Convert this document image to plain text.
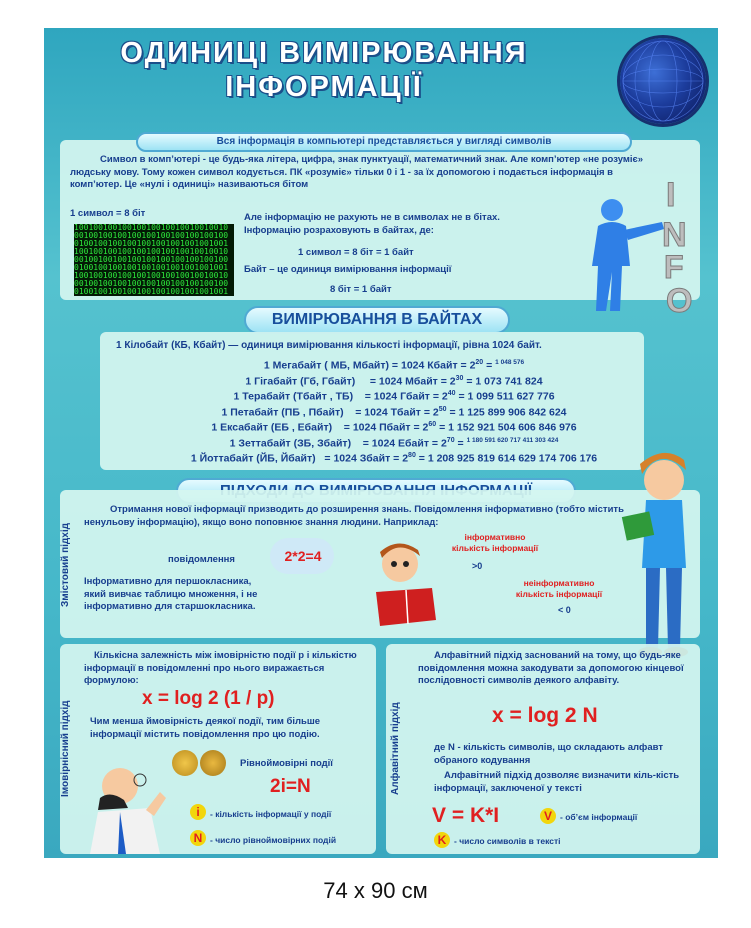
ОДИНИЦІ ВИМІРЮВАННЯ
ІНФОРМАЦІЇ
Вся інформація в компьютері представляється у вигляді символів
Символ в комп’ютері - це будь-яка літера, цифра, знак пунктуації, математичний знак. Але комп’ютер «не розуміє» людську мову. Тому кожен символ кодується. ПК «розуміє» тільки 0 і 1 - за їх допомогою і подається інформація в комп’ютер. Це «нулі і одиниці» називаються бітом
1 символ = 8 біт
10010010010010010010010010010010
00100100100100100100100100100100
01001001001001001001001001001001
10010010010010010010010010010010
00100100100100100100100100100100
01001001001001001001001001001001
10010010010010010010010010010010
00100100100100100100100100100100
01001001001001001001001001001001

Але інформацію не рахують не в символах не в бітах. Інформацію розраховують в байтах, де:
1 символ = 8 біт = 1 байт
Байт – це одиниця вимірювання інформації
8 біт = 1 байт
I
N
F
O
ВИМІРЮВАННЯ В БАЙТАХ
1 Кілобайт (КБ, Кбайт) — одиниця вимірювання кількості інформації, рівна 1024 байт.
1 Мегабайт ( МБ, Мбайт) = 1024 Кбайт = $2^{20} = ^{1 048 576}$
1 Гігабайт (Гб, Гбайт)     = 1024 Мбайт = $2^{30} = 1$ 073 741 824
1 Терабайт (Тбайт , ТБ)    = 1024 Гбайт = $2^{40} = 1$ 099 511 627 776
1 Петабайт (ПБ , Пбайт)    = 1024 Тбайт = $2^{50} = 1$ 125 899 906 842 624
1 Ексабайт (ЕБ , Ебайт)    = 1024 Пбайт = $2^{60} = 1$ 152 921 504 606 846 976
1 Зеттабайт (ЗБ, Збайт)    = 1024 Ебайт = $2^{70} = ^{1 180 591 620 717 411 303 424}$
1 Йоттабайт (ЙБ, Йбайт)   = 1024 Збайт = $2^{80} = 1$ 208 925 819 614 629 174 706 176
Змістовий підхід
Отримання нової інформації призводить до розширення знань. Повідомлення інформативно (тобто містить ненульову інформацію), якщо воно поповнює знання людини. Наприклад:
повідомлення	2*2=4
Інформативно для першокласника, який вивчає таблицю множення, і не інформативно для старшокласника.
інформативно
кількість інформації
>0
неінформативно
кількість інформації
< 0
Імовірнісний підхід
Кількісна залежність між імовірністю події p і кількістю інформації в повідомленні про нього виражається формулою:
x = log 2 (1 / p)
Чим менша ймовірність деякої події, тим більше інформації містить повідомлення про цю подію.
Рівноймовірні події
2i=N
i	- кількість інформації у події
N - число рівноймовірних подій
Алфавітний підхід
Алфавітний підхід заснований на тому, що будь-яке повідомлення можна закодувати за допомогою кінцевої послідовності символів деякого алфавіту.
x = log 2 N
де N - кількість символів, що складають алфавт обраного кодування
Алфавітний підхід дозволяє визначити кіль-кість інформації, заключеної у тексті
V = K*I	V - об’єм інформації
K - число символів в тексті
74 x 90 см
